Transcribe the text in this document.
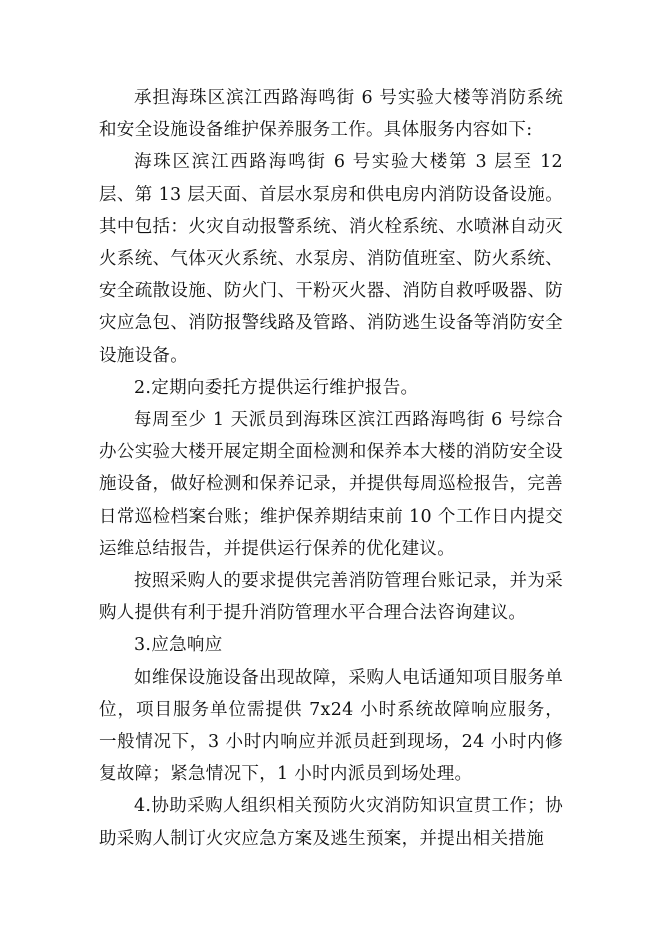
承担海珠区滨江西路海鸣街 6 号实验大楼等消防系统和安全设施设备维护保养服务工作。具体服务内容如下:

海珠区滨江西路海鸣街 6 号实验大楼第 3 层至 12 层、第 13 层天面、首层水泵房和供电房内消防设备设施。其中包括：火灾自动报警系统、消火栓系统、水喷淋自动灭火系统、气体灭火系统、水泵房、消防值班室、防火系统、安全疏散设施、防火门、干粉灭火器、消防自救呼吸器、防灾应急包、消防报警线路及管路、消防逃生设备等消防安全设施设备。

2.定期向委托方提供运行维护报告。

每周至少 1 天派员到海珠区滨江西路海鸣街 6 号综合办公实验大楼开展定期全面检测和保养本大楼的消防安全设施设备，做好检测和保养记录，并提供每周巡检报告，完善日常巡检档案台账；维护保养期结束前 10 个工作日内提交运维总结报告，并提供运行保养的优化建议。

按照采购人的要求提供完善消防管理台账记录，并为采购人提供有利于提升消防管理水平合理合法咨询建议。

3.应急响应

如维保设施设备出现故障，采购人电话通知项目服务单位，项目服务单位需提供 7x24 小时系统故障响应服务，一般情况下，3 小时内响应并派员赶到现场，24 小时内修复故障；紧急情况下，1 小时内派员到场处理。

4.协助采购人组织相关预防火灾消防知识宣贯工作；协助采购人制订火灾应急方案及逃生预案，并提出相关措施
